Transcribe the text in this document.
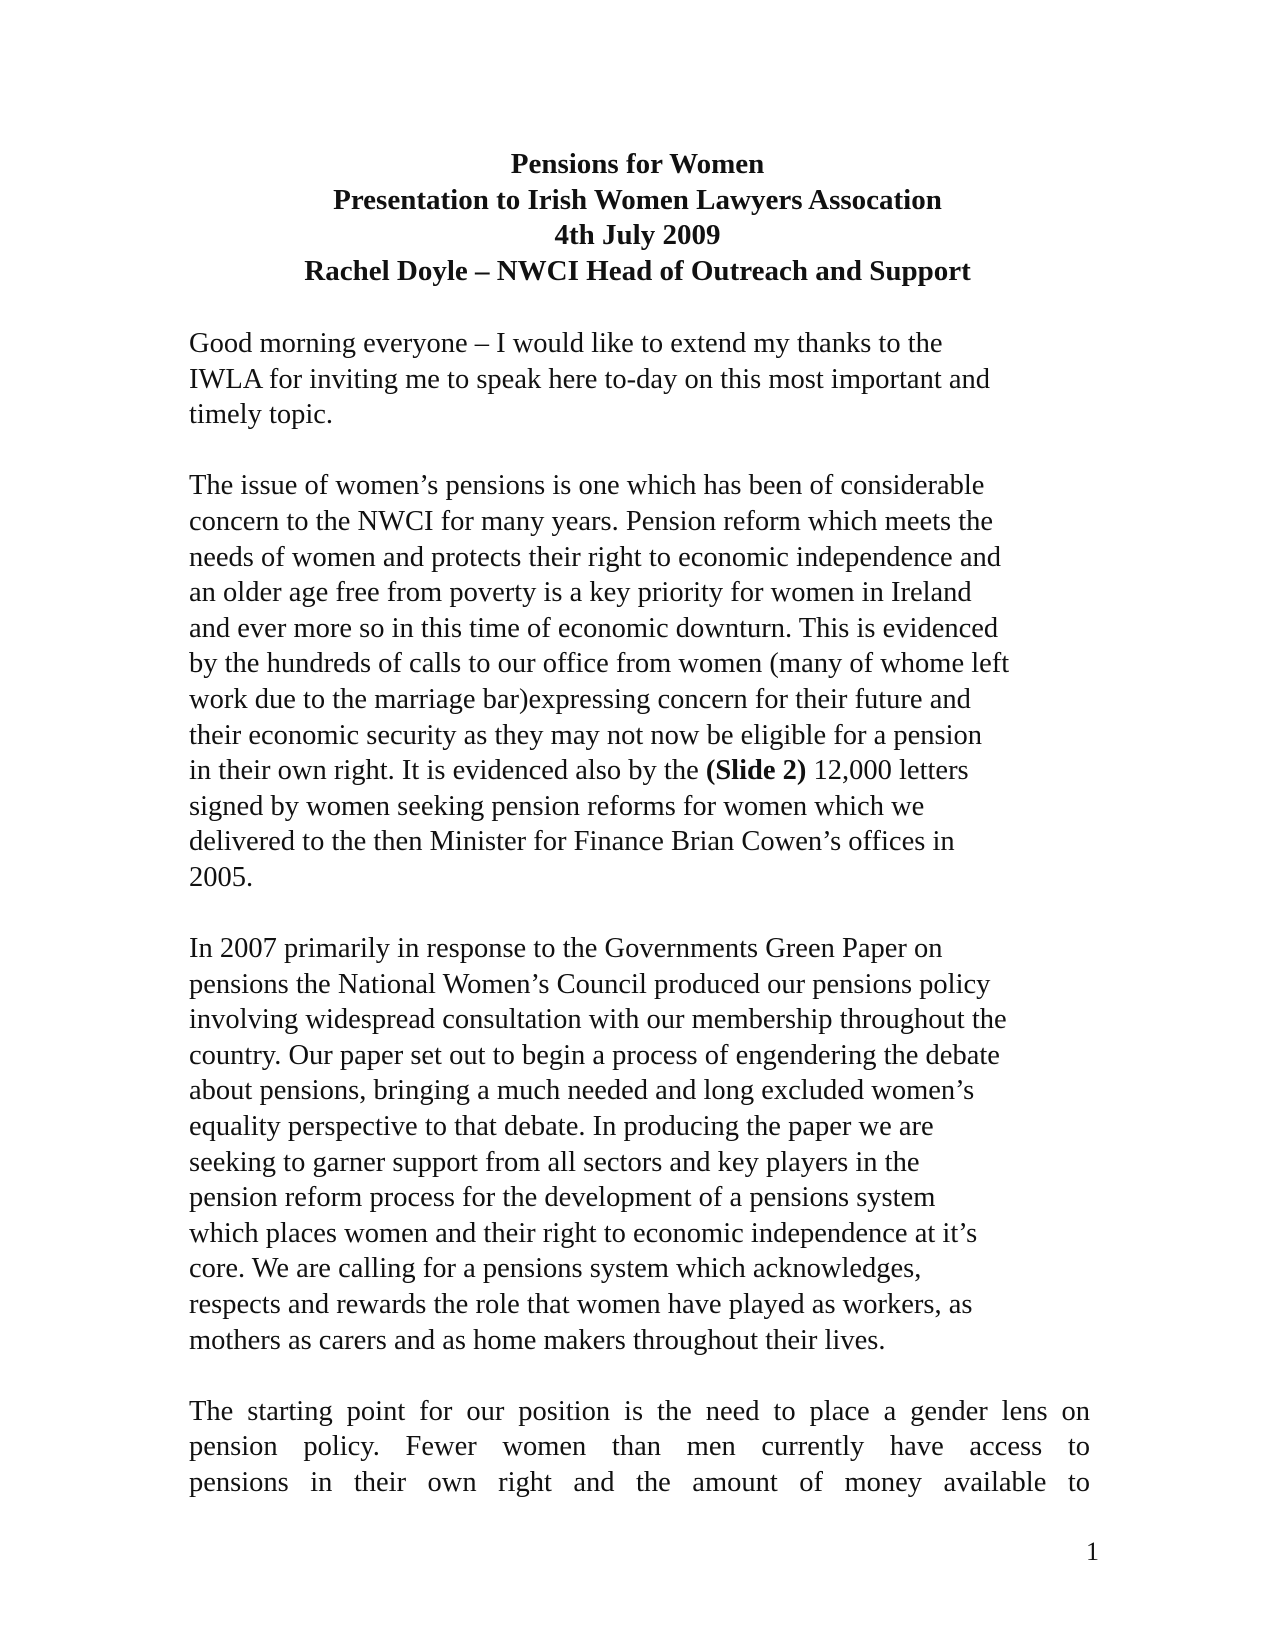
Pensions for Women
Presentation to Irish Women Lawyers Assocation
4th July 2009
Rachel Doyle – NWCI Head of Outreach and Support

Good morning everyone – I would like to extend my thanks to the
IWLA for inviting me to speak here to-day on this most important and
timely topic.

The issue of women’s pensions is one which has been of considerable
concern to the NWCI for many years. Pension reform which meets the
needs of women and protects their right to economic independence and
an older age free from poverty is a key priority for women in Ireland
and ever more so in this time of economic downturn. This is evidenced
by the hundreds of calls to our office from women (many of whome left
work due to the marriage bar)expressing concern for their future and
their economic security as they may not now be eligible for a pension
in their own right. It is evidenced also by the (Slide 2) 12,000 letters
signed by women seeking pension reforms for women which we
delivered to the then Minister for Finance Brian Cowen’s offices in
2005.

In 2007 primarily in response to the Governments Green Paper on
pensions the National Women’s Council produced our pensions policy
involving widespread consultation with our membership throughout the
country. Our paper set out to begin a process of engendering the debate
about pensions, bringing a much needed and long excluded women’s
equality perspective to that debate. In producing the paper we are
seeking to garner support from all sectors and key players in the
pension reform process for the development of a pensions system
which places women and their right to economic independence at it’s
core. We are calling for a pensions system which acknowledges,
respects and rewards the role that women have played as workers, as
mothers as carers and as home makers throughout their lives.

The starting point for our position is the need to place a gender lens on
pension policy. Fewer women than men currently have access to
pensions in their own right and the amount of money available to

1
